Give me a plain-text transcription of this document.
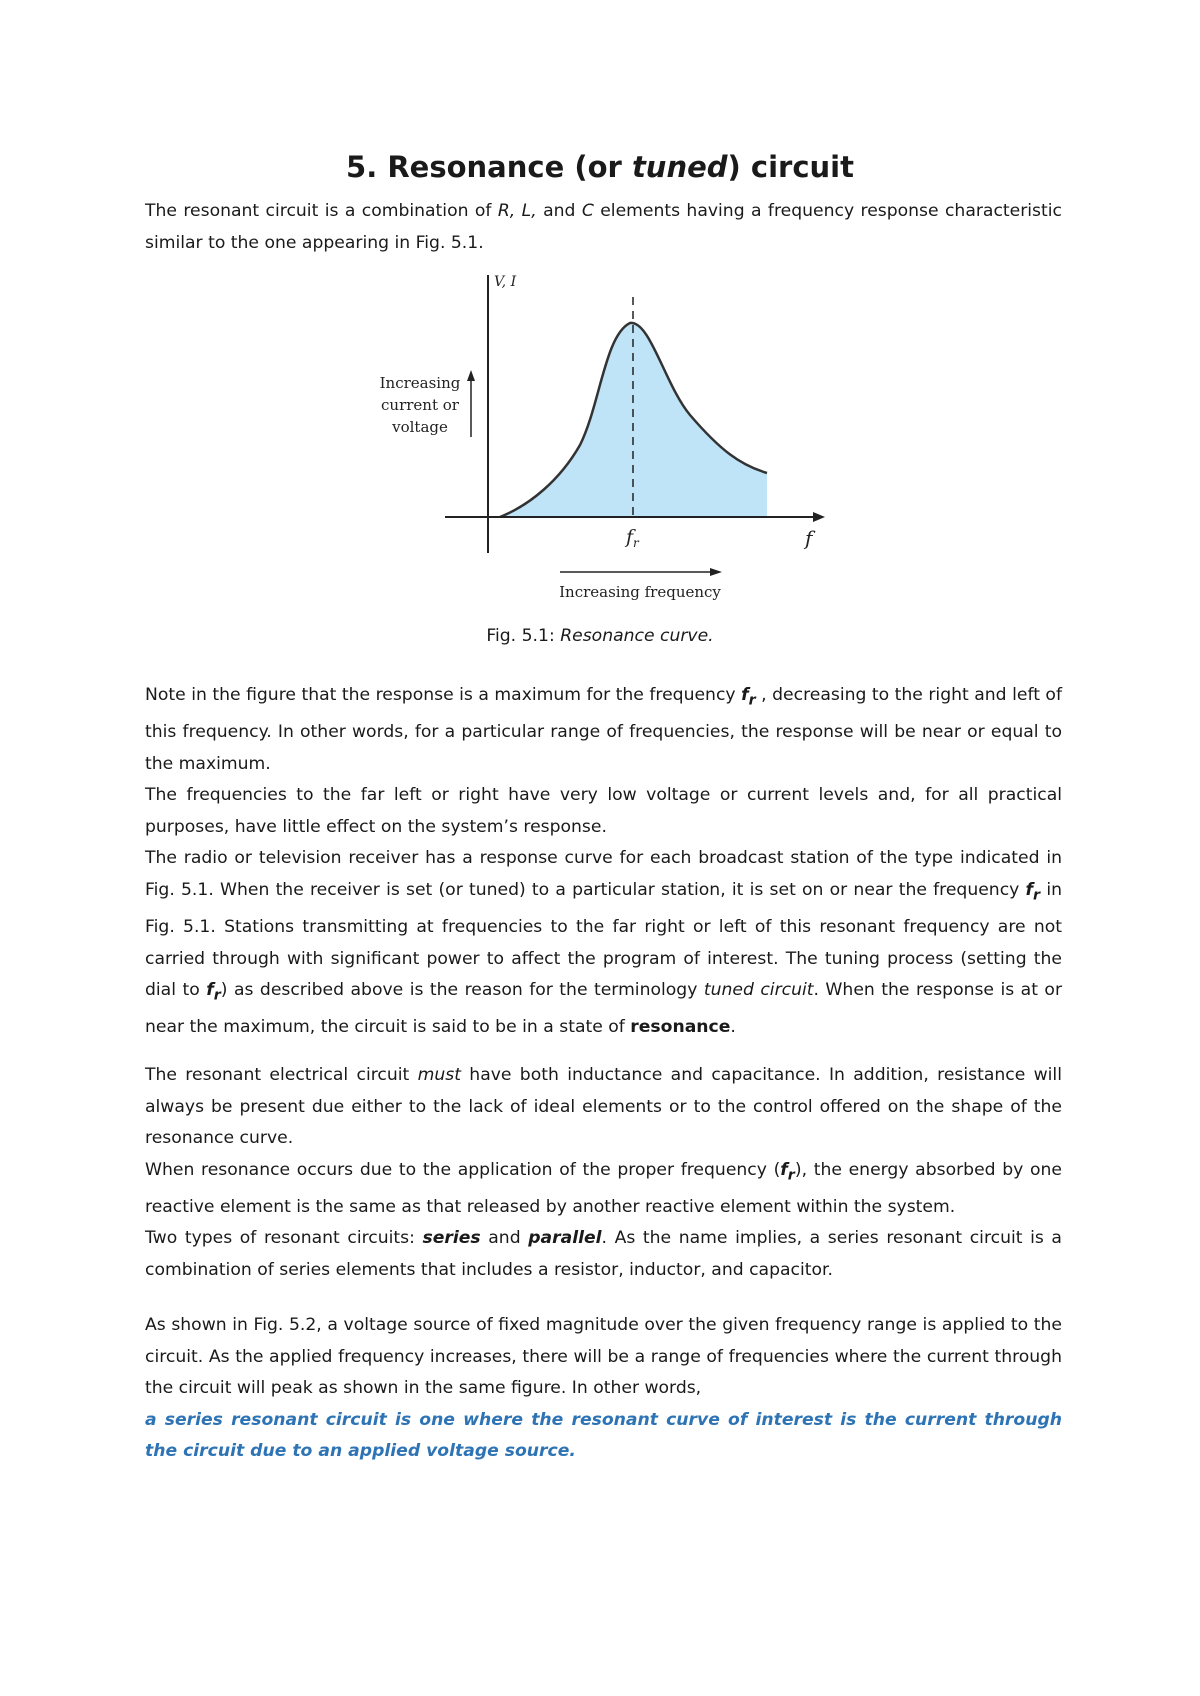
5. Resonance (or tuned) circuit

The resonant circuit is a combination of R, L, and C elements having a frequency response characteristic similar to the one appearing in Fig. 5.1.

V, I
Increasing
current or
voltage
$f_r$	f
Increasing frequency

Fig. 5.1: Resonance curve.

Note in the figure that the response is a maximum for the frequency $f_r$ , decreasing to the right and left of this frequency. In other words, for a particular range of frequencies, the response will be near or equal to the maximum.
The frequencies to the far left or right have very low voltage or current levels and, for all practical purposes, have little effect on the system’s response.
The radio or television receiver has a response curve for each broadcast station of the type indicated in Fig. 5.1. When the receiver is set (or tuned) to a particular station, it is set on or near the frequency $f_r$ in Fig. 5.1. Stations transmitting at frequencies to the far right or left of this resonant frequency are not carried through with significant power to affect the program of interest. The tuning process (setting the dial to $f_r$) as described above is the reason for the terminology tuned circuit. When the response is at or near the maximum, the circuit is said to be in a state of resonance.

The resonant electrical circuit must have both inductance and capacitance. In addition, resistance will always be present due either to the lack of ideal elements or to the control offered on the shape of the resonance curve.
When resonance occurs due to the application of the proper frequency $(f_r)$, the energy absorbed by one reactive element is the same as that released by another reactive element within the system.
Two types of resonant circuits: series and parallel. As the name implies, a series resonant circuit is a combination of series elements that includes a resistor, inductor, and capacitor.

As shown in Fig. 5.2, a voltage source of fixed magnitude over the given frequency range is applied to the circuit. As the applied frequency increases, there will be a range of frequencies where the current through the circuit will peak as shown in the same figure. In other words,
a series resonant circuit is one where the resonant curve of interest is the current through the circuit due to an applied voltage source.
